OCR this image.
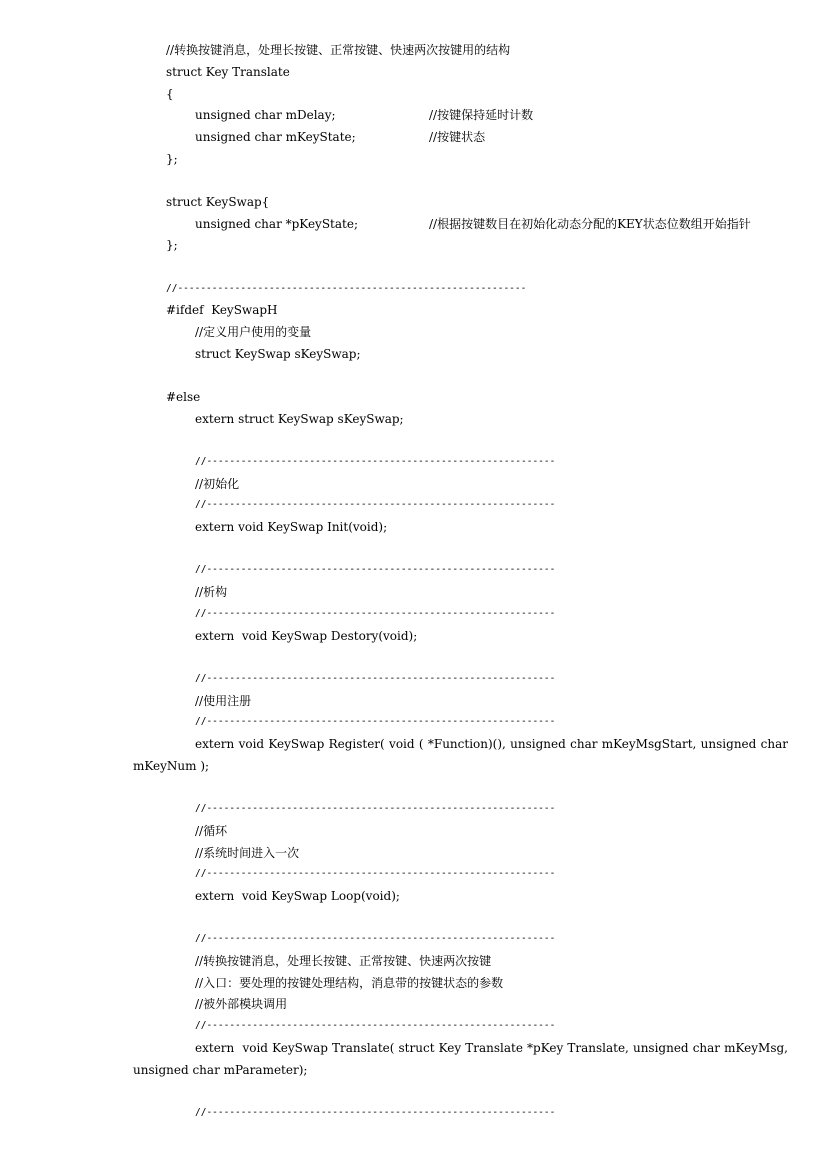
//转换按键消息，处理长按键、正常按键、快速两次按键用的结构
struct Key Translate
{
unsigned char mDelay;	//按键保持延时计数
unsigned char mKeyState;	//按键状态
};
struct KeySwap{
unsigned char *pKeyState;	//根据按键数目在初始化动态分配的KEY状态位数组开始指针
};
//-------------------------------------------------------------
#ifdef  KeySwapH
//定义用户使用的变量
struct KeySwap sKeySwap;
#else
extern struct KeySwap sKeySwap;
//-------------------------------------------------------------
//初始化
//-------------------------------------------------------------
extern void KeySwap Init(void);
//-------------------------------------------------------------
//析构
//-------------------------------------------------------------
extern  void KeySwap Destory(void);
//-------------------------------------------------------------
//使用注册
//-------------------------------------------------------------
extern void KeySwap Register( void ( *Function)(), unsigned char mKeyMsgStart, unsigned char
mKeyNum );
//-------------------------------------------------------------
//循环
//系统时间进入一次
//-------------------------------------------------------------
extern  void KeySwap Loop(void);
//-------------------------------------------------------------
//转换按键消息，处理长按键、正常按键、快速两次按键
//入口：要处理的按键处理结构，消息带的按键状态的参数
//被外部模块调用
//-------------------------------------------------------------
extern  void KeySwap Translate( struct Key Translate *pKey Translate, unsigned char mKeyMsg,
unsigned char mParameter);
//-------------------------------------------------------------
